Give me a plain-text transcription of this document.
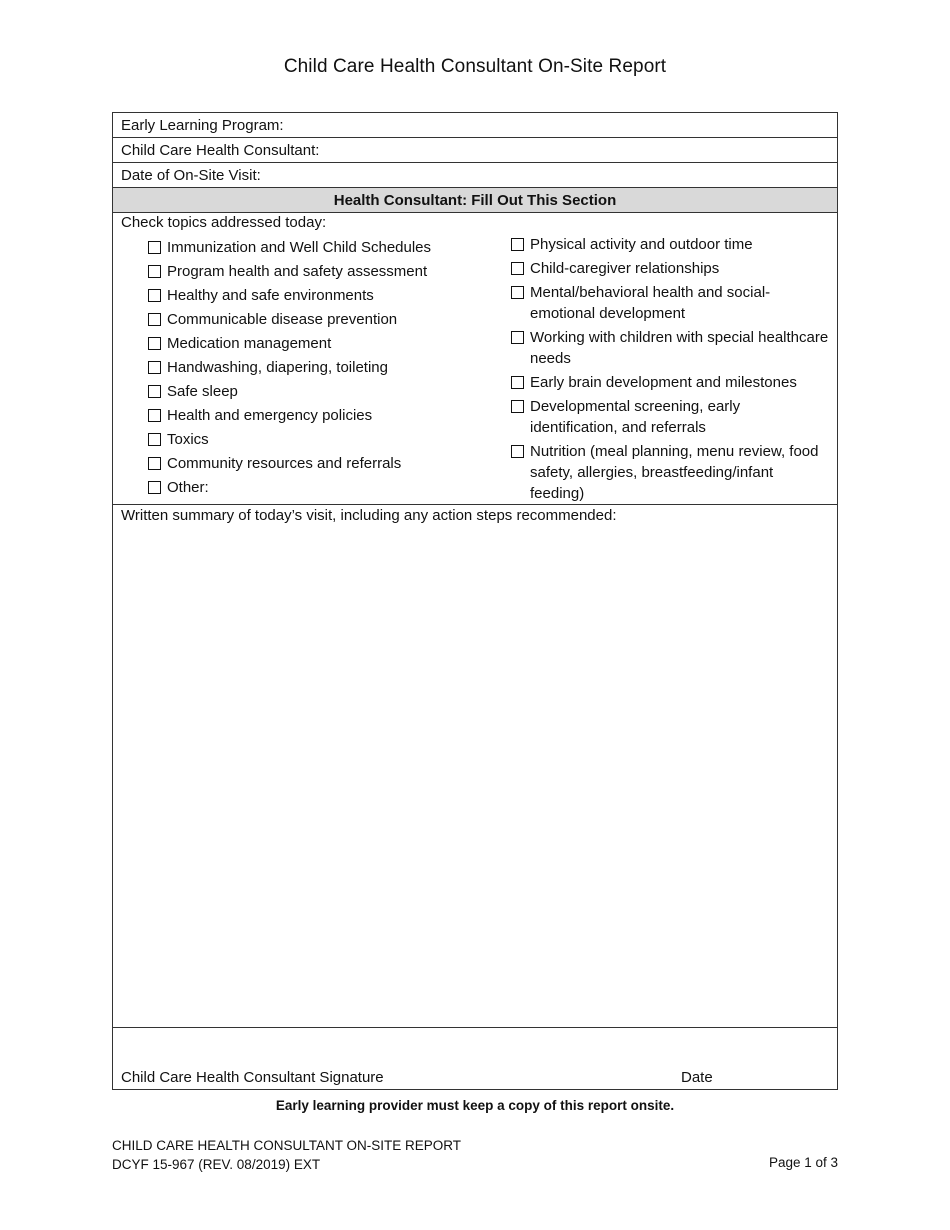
Child Care Health Consultant On-Site Report
Early Learning Program:
Child Care Health Consultant:
Date of On-Site Visit:
Health Consultant: Fill Out This Section
Check topics addressed today:
Immunization and Well Child Schedules
Program health and safety assessment
Healthy and safe environments
Communicable disease prevention
Medication management
Handwashing, diapering, toileting
Safe sleep
Health and emergency policies
Toxics
Community resources and referrals
Other:
Physical activity and outdoor time
Child-caregiver relationships
Mental/behavioral health and social-emotional development
Working with children with special healthcare needs
Early brain development and milestones
Developmental screening, early identification, and referrals
Nutrition (meal planning, menu review, food safety, allergies, breastfeeding/infant feeding)
Written summary of today’s visit, including any action steps recommended:
Child Care Health Consultant Signature	Date
Early learning provider must keep a copy of this report onsite.
CHILD CARE HEALTH CONSULTANT ON-SITE REPORT
DCYF 15-967 (REV. 08/2019) EXT	Page 1 of 3
